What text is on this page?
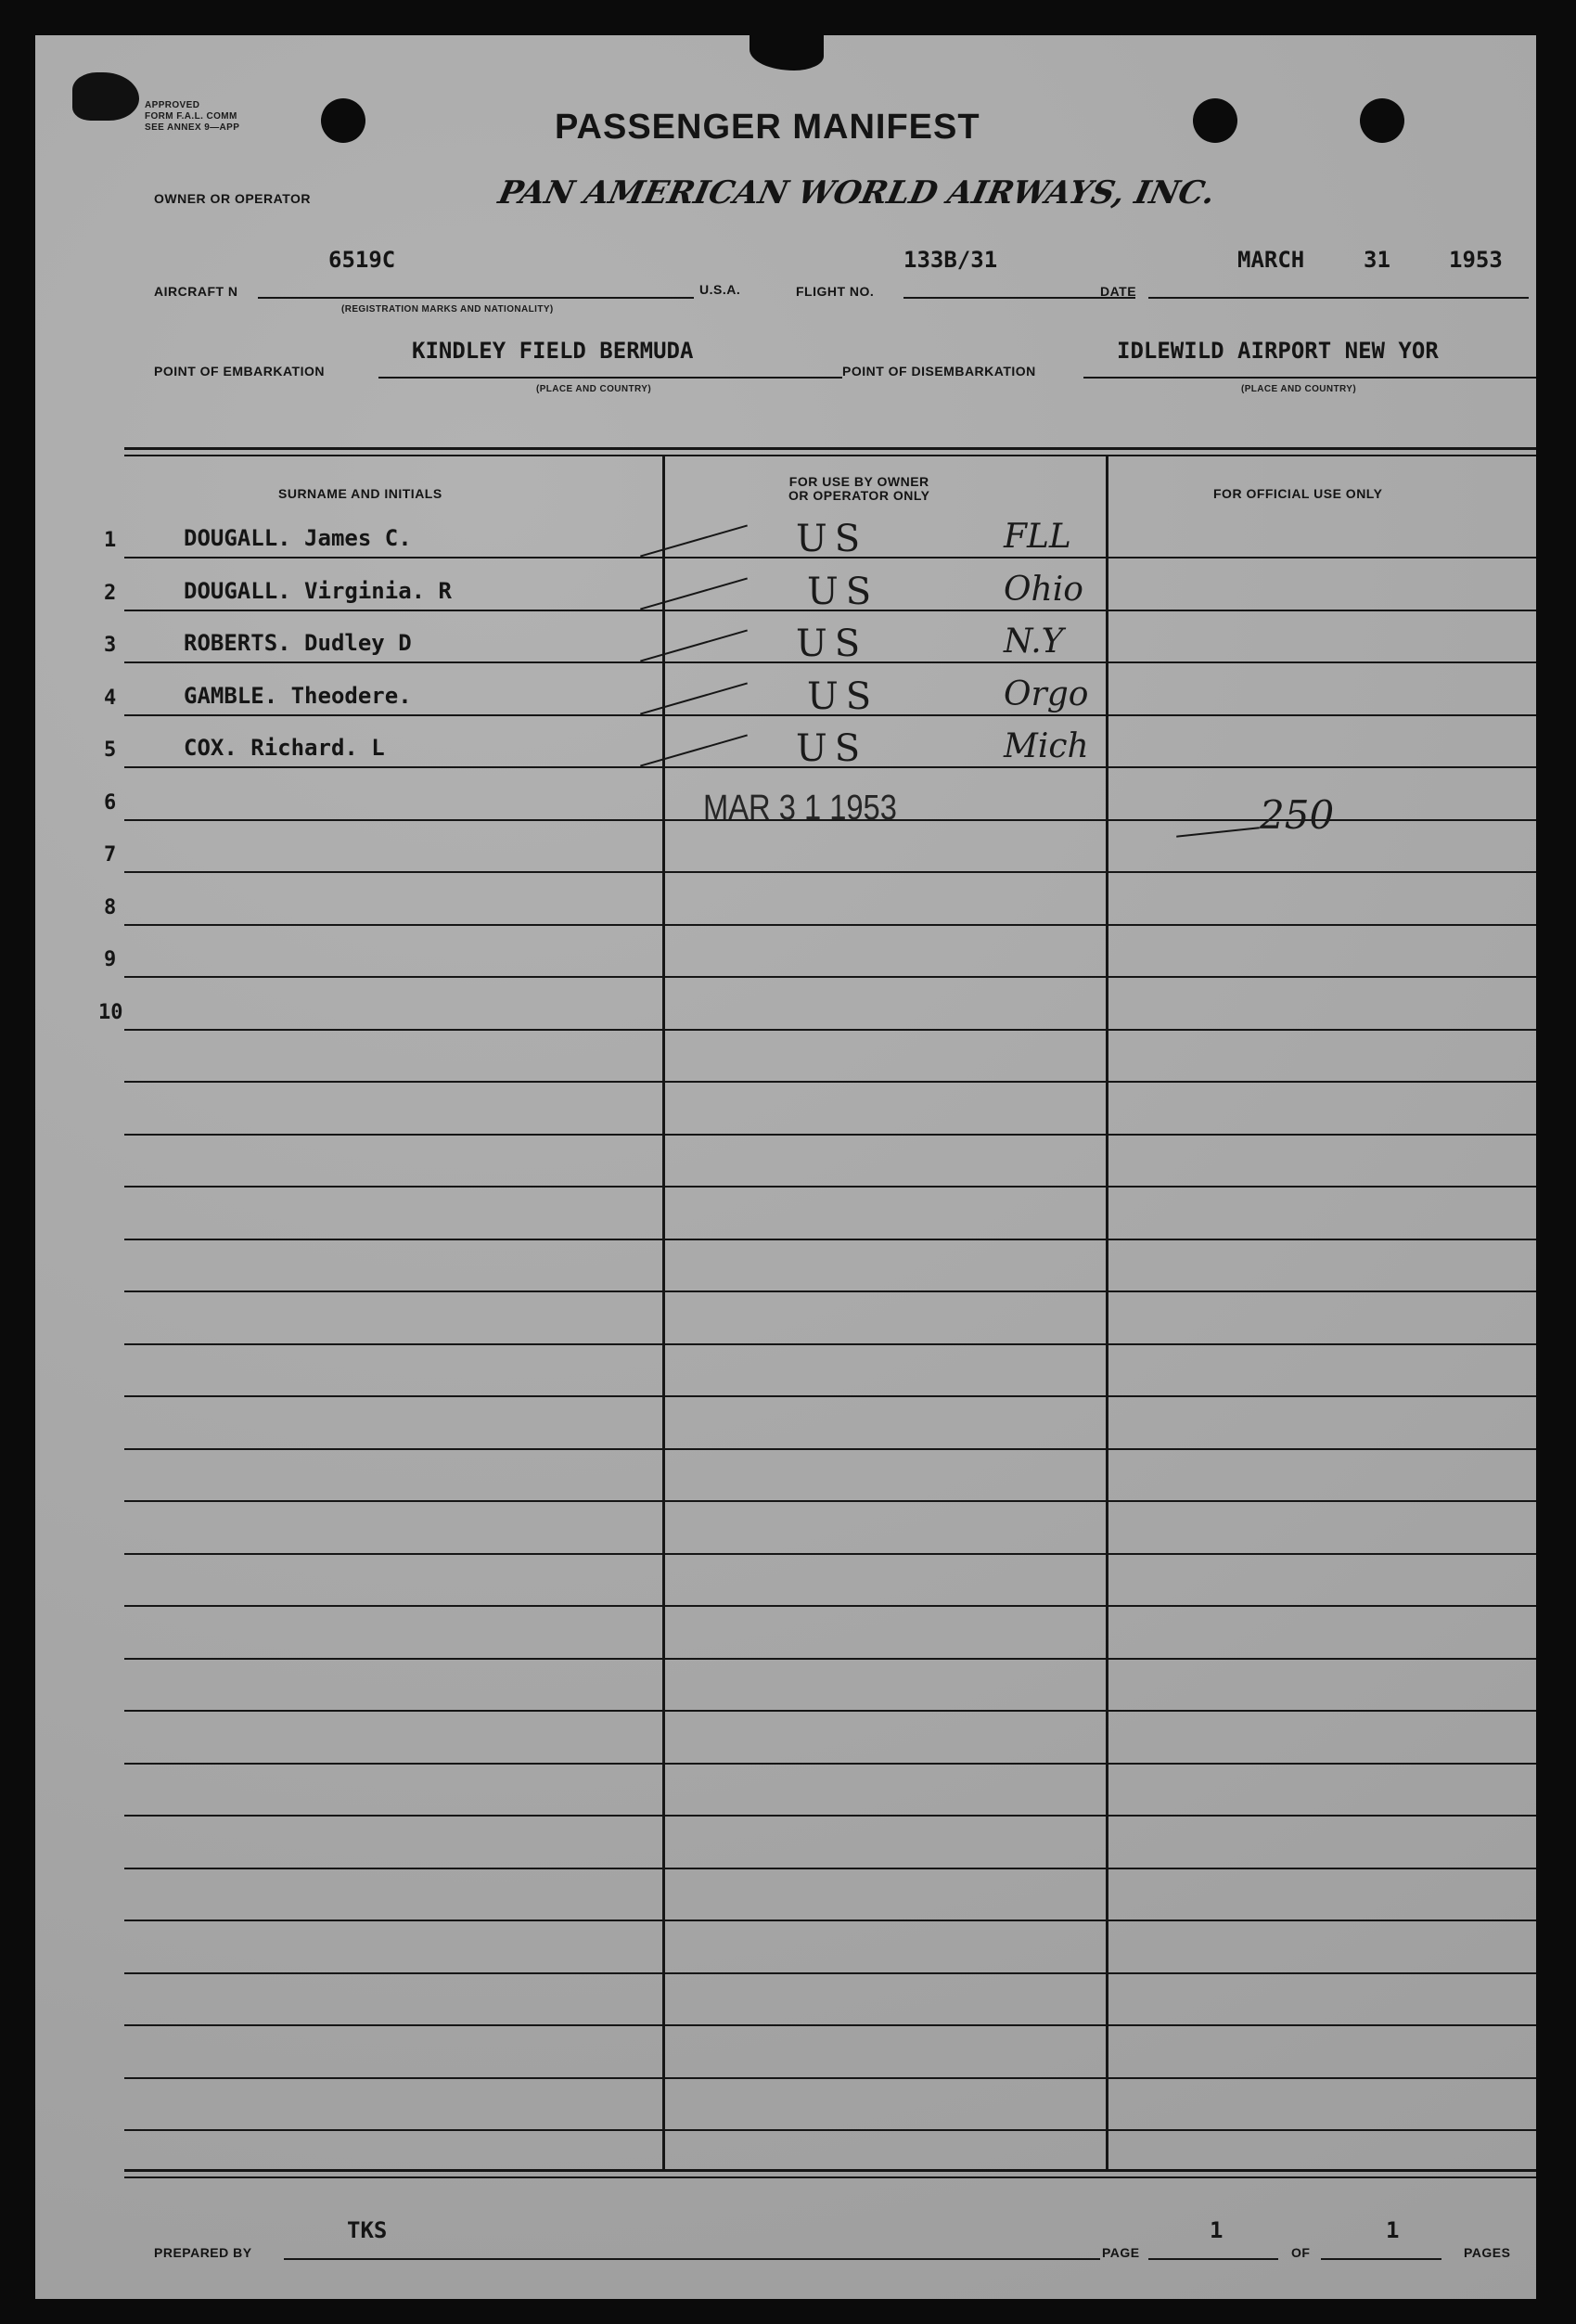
APPROVED
FORM F.A.L. COMM
SEE ANNEX 9—APP	PASSENGER MANIFEST
OWNER OR OPERATOR	PAN AMERICAN WORLD AIRWAYS, INC.
AIRCRAFT N
6519C
(REGISTRATION MARKS AND NATIONALITY)
U.S.A.	FLIGHT NO.
133B/31
DATE
MARCH	31	1953
POINT OF EMBARKATION
KINDLEY FIELD BERMUDA
(PLACE AND COUNTRY)
POINT OF DISEMBARKATION
IDLEWILD AIRPORT NEW YOR
(PLACE AND COUNTRY)
SURNAME AND INITIALS
FOR USE BY OWNER
OR OPERATOR ONLY	FOR OFFICIAL USE ONLY
1	DOUGALL. James C.	US	FLL
2	DOUGALL. Virginia. R	US	Ohio
3	ROBERTS. Dudley D	US	N.Y
4	GAMBLE. Theodere.	US	Orgo
5	COX. Richard. L	US	Mich
6
7
8
9
10
MAR 3 1 1953	250
PREPARED BY
TKS
PAGE
1
OF
1
PAGES
